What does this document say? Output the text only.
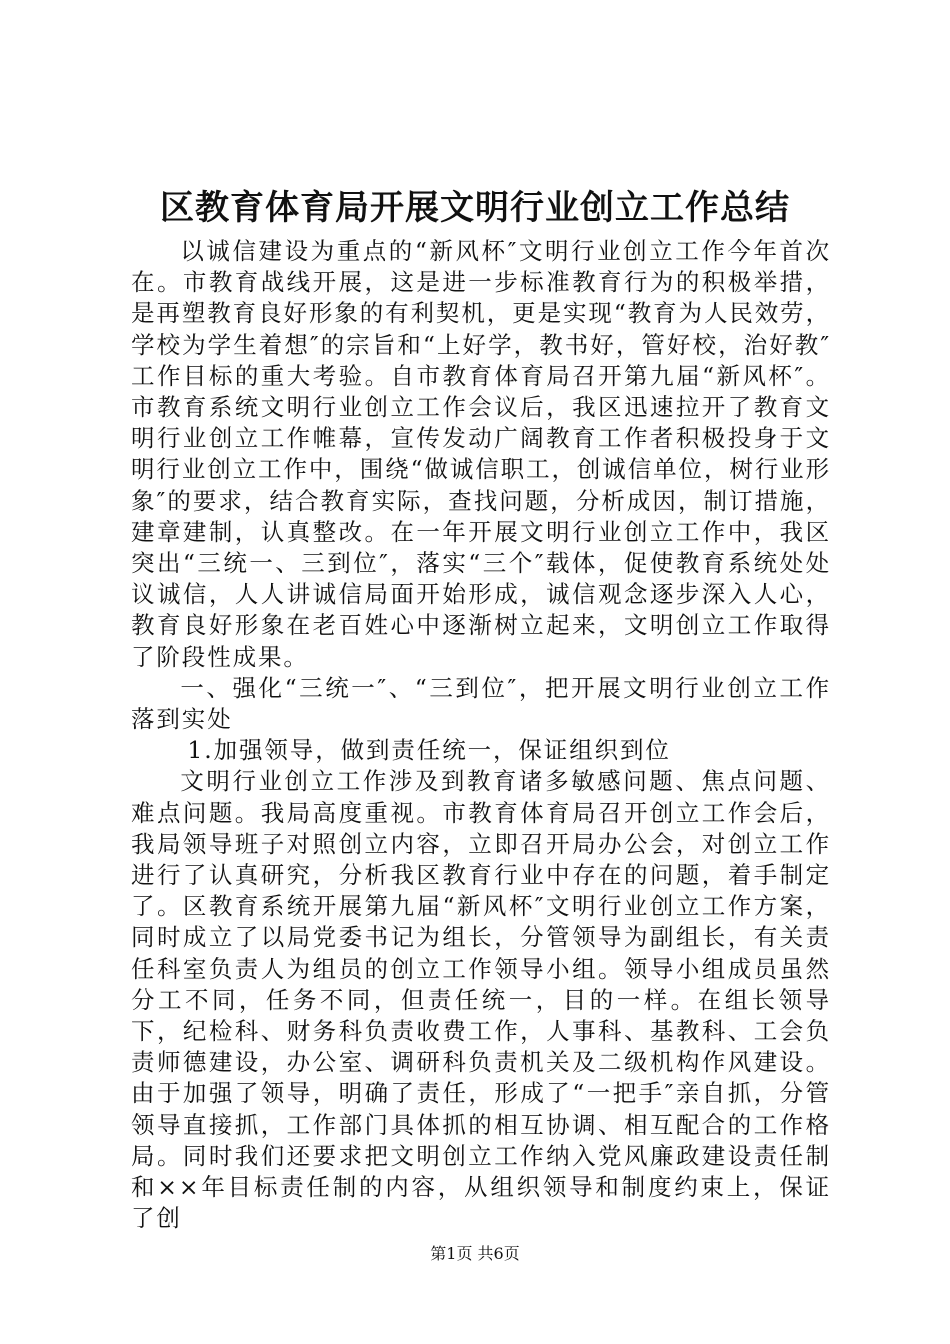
区教育体育局开展文明行业创立工作总结

以诚信建设为重点的“新风杯″文明行业创立工作今年首次在。市教育战线开展，这是进一步标准教育行为的积极举措，是再塑教育良好形象的有利契机，更是实现“教育为人民效劳，学校为学生着想″的宗旨和“上好学，教书好，管好校，治好教″工作目标的重大考验。自市教育体育局召开第九届“新风杯″。市教育系统文明行业创立工作会议后，我区迅速拉开了教育文明行业创立工作帷幕，宣传发动广阔教育工作者积极投身于文明行业创立工作中，围绕“做诚信职工，创诚信单位，树行业形象″的要求，结合教育实际，查找问题，分析成因，制订措施，建章建制，认真整改。在一年开展文明行业创立工作中，我区突出“三统一、三到位″，落实“三个″载体，促使教育系统处处议诚信，人人讲诚信局面开始形成，诚信观念逐步深入人心，教育良好形象在老百姓心中逐渐树立起来，文明创立工作取得了阶段性成果。

一、强化“三统一″、“三到位″，把开展文明行业创立工作落到实处

1.加强领导，做到责任统一，保证组织到位

文明行业创立工作涉及到教育诸多敏感问题、焦点问题、难点问题。我局高度重视。市教育体育局召开创立工作会后，我局领导班子对照创立内容，立即召开局办公会，对创立工作进行了认真研究，分析我区教育行业中存在的问题，着手制定了。区教育系统开展第九届“新风杯″文明行业创立工作方案，同时成立了以局党委书记为组长，分管领导为副组长，有关责任科室负责人为组员的创立工作领导小组。领导小组成员虽然分工不同，任务不同，但责任统一，目的一样。在组长领导下，纪检科、财务科负责收费工作，人事科、基教科、工会负责师德建设，办公室、调研科负责机关及二级机构作风建设。由于加强了领导，明确了责任，形成了“一把手″亲自抓，分管领导直接抓，工作部门具体抓的相互协调、相互配合的工作格局。同时我们还要求把文明创立工作纳入党风廉政建设责任制和××年目标责任制的内容，从组织领导和制度约束上，保证了创

第1页 共6页
